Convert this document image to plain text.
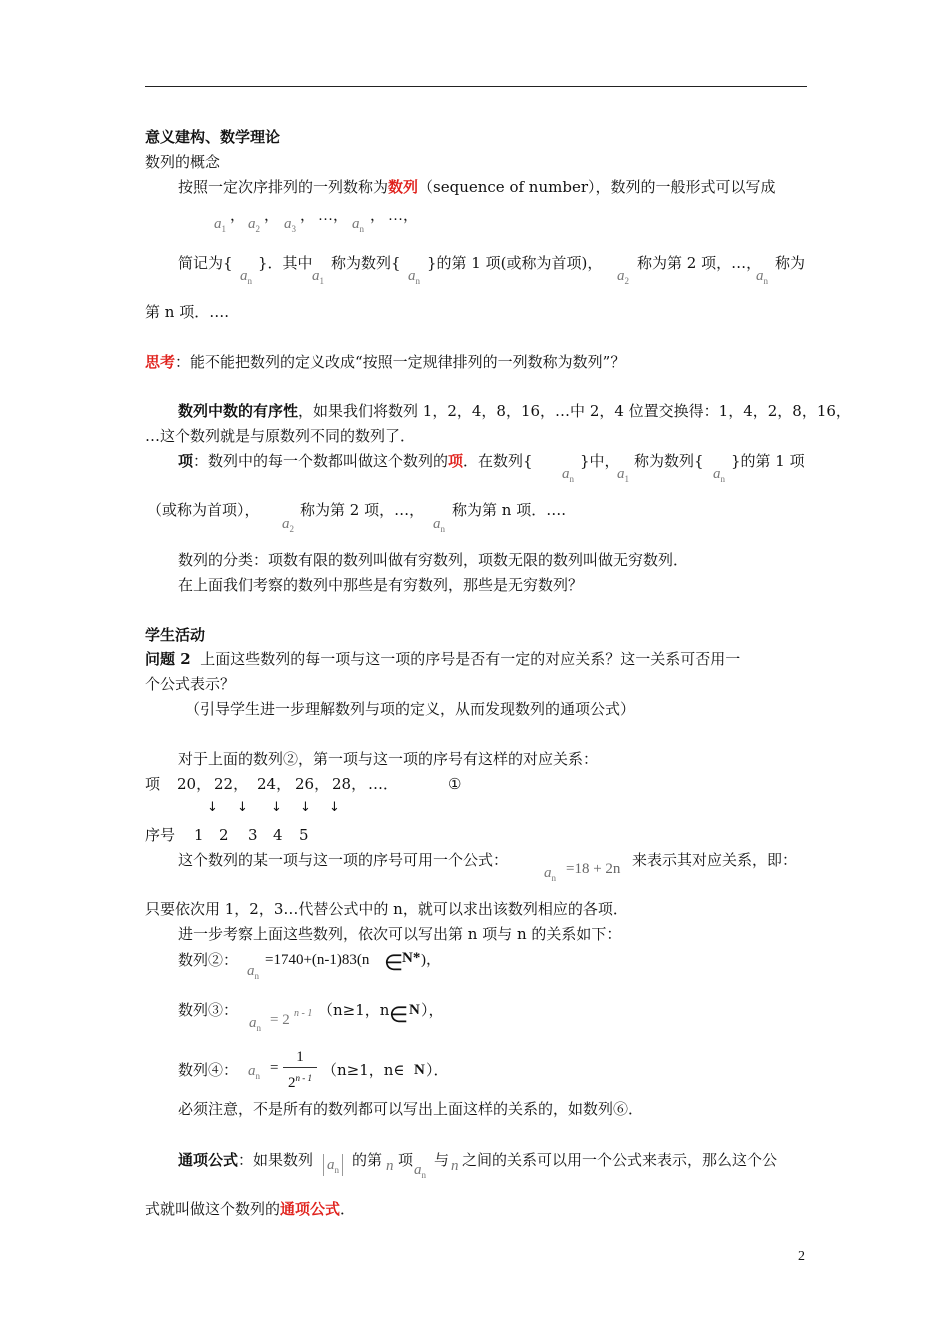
意义建构、数学理论
数列的概念
按照一定次序排列的一列数称为数列（sequence of number），数列的一般形式可以写成
$a_1$
， $a_2$
， $a_3$
， …， $a_n$
， …，
简记为{
$a_n$
}．其中
$a_1$
称为数列{
$a_n$
}的第 1 项(或称为首项)，
$a_2$
称为第 2 项，…，
$a_n$
称为
第 n 项．….
思考：能不能把数列的定义改成“按照一定规律排列的一列数称为数列”？
数列中数的有序性，如果我们将数列 1，2，4，8，16，…中 2，4 位置交换得：1，4，2，8，16，
…这个数列就是与原数列不同的数列了．
项：数列中的每一个数都叫做这个数列的项．在数列{
$a_n$
}中，
$a_1$
称为数列{
$a_n$
}的第 1 项
（或称为首项），
$a_2$
称为第 2 项，…，
$a_n$
称为第 n 项．….
数列的分类：项数有限的数列叫做有穷数列，项数无限的数列叫做无穷数列．
在上面我们考察的数列中那些是有穷数列，那些是无穷数列？
学生活动
问题 2 上面这些数列的每一项与这一项的序号是否有一定的对应关系？这一关系可否用一
个公式表示？
（引导学生进一步理解数列与项的定义，从而发现数列的通项公式）
对于上面的数列②，第一项与这一项的序号有这样的对应关系：
项 20， 22， 24， 26， 28， …．	①
↓ ↓ ↓ ↓ ↓
序号 1 2 3 4 5
这个数列的某一项与这一项的序号可用一个公式：
$a_n$
=18 + 2n 来表示其对应关系，即：
只要依次用 1，2，3…代替公式中的 n，就可以求出该数列相应的各项．
进一步考察上面这些数列，依次可以写出第 n 项与 n 的关系如下：
数列②：
$a_n$
=1740+(n-1)83(n ∈
N* )，
数列③：
$a_n = 2$ n - 1 （n≥1，n ∈ N ），
数列④： $a_n$ =
1
2$^{n - 1}$ （n≥1，n∈ N ）．
必须注意，不是所有的数列都可以写出上面这样的关系的，如数列⑥．
通项公式：如果数列 $a_n$
的第 n 项
$a_n$
与 n 之间的关系可以用一个公式来表示，那么这个公
式就叫做这个数列的通项公式．
2
